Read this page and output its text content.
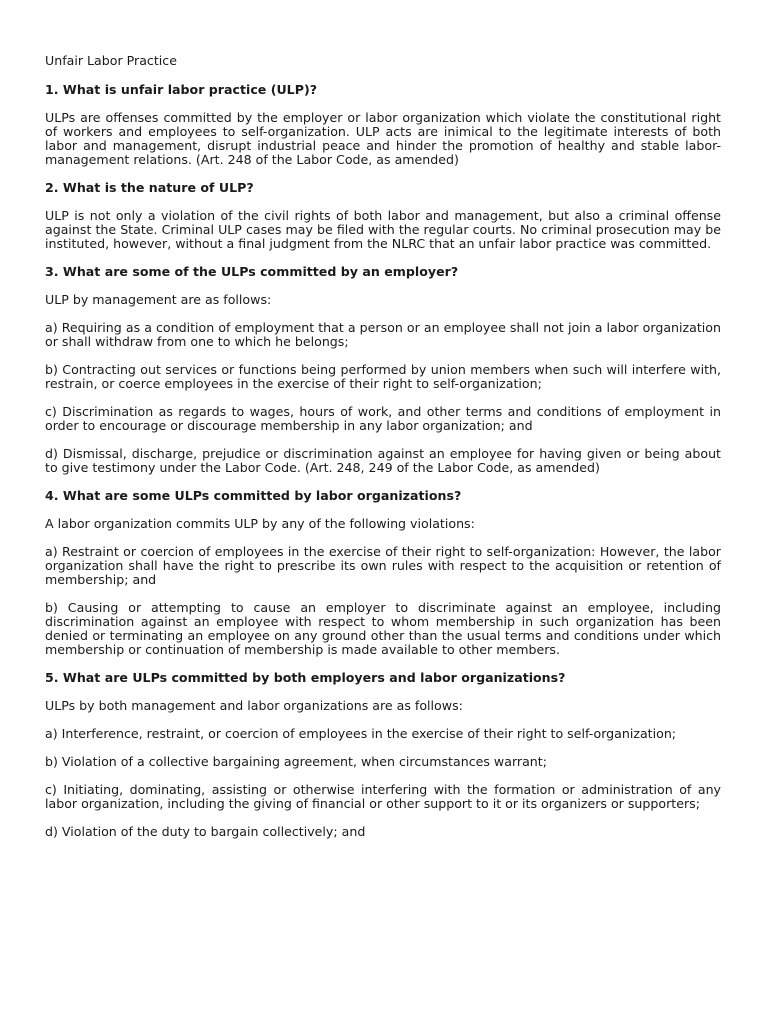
Unfair Labor Practice

1. What is unfair labor practice (ULP)?

ULPs are offenses committed by the employer or labor organization which violate the constitutional right of workers and employees to self-organization. ULP acts are inimical to the legitimate interests of both labor and management, disrupt industrial peace and hinder the promotion of healthy and stable labor-management relations. (Art. 248 of the Labor Code, as amended)

2. What is the nature of ULP?

ULP is not only a violation of the civil rights of both labor and management, but also a criminal offense against the State. Criminal ULP cases may be filed with the regular courts. No criminal prosecution may be instituted, however, without a final judgment from the NLRC that an unfair labor practice was committed.

3. What are some of the ULPs committed by an employer?

ULP by management are as follows:

a) Requiring as a condition of employment that a person or an employee shall not join a labor organization or shall withdraw from one to which he belongs;

b) Contracting out services or functions being performed by union members when such will interfere with, restrain, or coerce employees in the exercise of their right to self-organization;

c) Discrimination as regards to wages, hours of work, and other terms and conditions of employment in order to encourage or discourage membership in any labor organization; and

d) Dismissal, discharge, prejudice or discrimination against an employee for having given or being about to give testimony under the Labor Code. (Art. 248, 249 of the Labor Code, as amended)

4. What are some ULPs committed by labor organizations?

A labor organization commits ULP by any of the following violations:

a) Restraint or coercion of employees in the exercise of their right to self-organization: However, the labor organization shall have the right to prescribe its own rules with respect to the acquisition or retention of membership; and

b) Causing or attempting to cause an employer to discriminate against an employee, including discrimination against an employee with respect to whom membership in such organization has been denied or terminating an employee on any ground other than the usual terms and conditions under which membership or continuation of membership is made available to other members.

5. What are ULPs committed by both employers and labor organizations?

ULPs by both management and labor organizations are as follows:

a) Interference, restraint, or coercion of employees in the exercise of their right to self-organization;

b) Violation of a collective bargaining agreement, when circumstances warrant;

c) Initiating, dominating, assisting or otherwise interfering with the formation or administration of any labor organization, including the giving of financial or other support to it or its organizers or supporters;

d) Violation of the duty to bargain collectively; and
